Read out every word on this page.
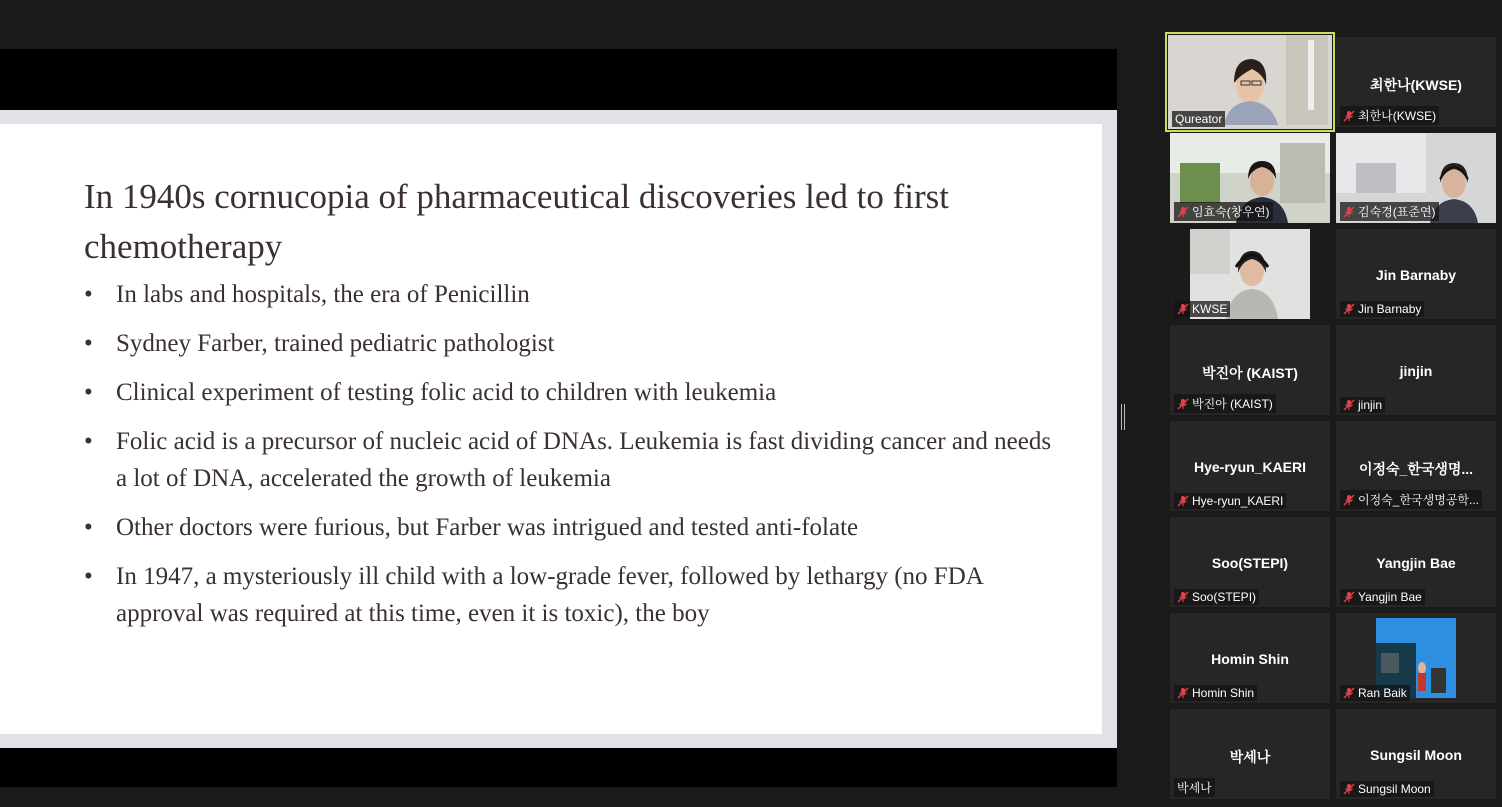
In 1940s cornucopia of pharmaceutical discoveries led to first chemotherapy
• In labs and hospitals, the era of Penicillin
• Sydney Farber, trained pediatric pathologist
• Clinical experiment of testing folic acid to children with leukemia
• Folic acid is a precursor of nucleic acid of DNAs. Leukemia is fast dividing cancer and needs a lot of DNA, accelerated the growth of leukemia
• Other doctors were furious, but Farber was intrigued and tested anti-folate
• In 1947, a mysteriously ill child with a low-grade fever, followed by lethargy (no FDA approval was required at this time, even it is toxic), the boy
Qureator
최한나(KWSE)
최한나(KWSE)
임효숙(창우연)	김숙경(표준연)
KWSE
Jin Barnaby
Jin Barnaby
박진아 (KAIST)
박진아 (KAIST)
jinjin
jinjin
Hye-ryun_KAERI
Hye-ryun_KAERI
이정숙_한국생명...
이정숙_한국생명공학...
Soo(STEPI)
Soo(STEPI)
Yangjin Bae
Yangjin Bae
Homin Shin
Homin Shin	Ran Baik
박세나
박세나
Sungsil Moon
Sungsil Moon
